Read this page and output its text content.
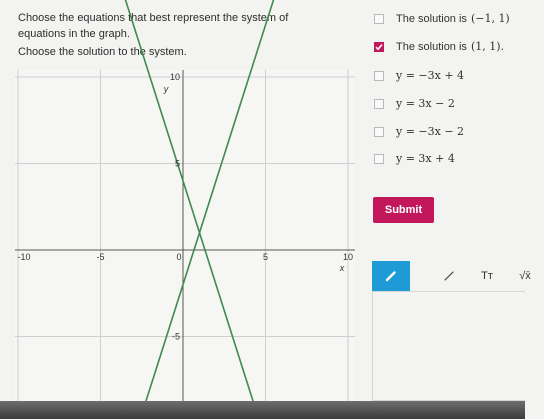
Choose the equations that best represent the system of equations in the graph.
Choose the solution to the system.
The solution is (−1, 1)
The solution is (1, 1).
y = −3x + 4
y = 3x − 2
y = −3x − 2
y = 3x + 4
Submit
Tт √x̄
-10	-5	0	5	10
10
5
-5
x
y
